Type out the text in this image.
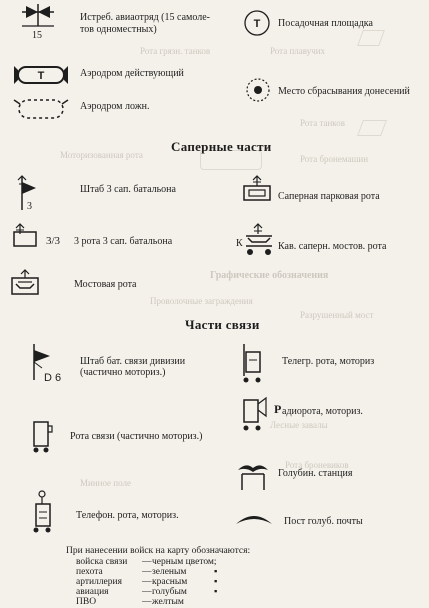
Рота грязн. танков	Рота плавучих
Рота танков
Моторизованная рота	Рота бронемашин
Графические обозначения
Проволочные заграждения
Разрушенный мост
Лесные завалы
Минное поле
Рота броневиков
15
Истреб. авиаотряд (15 самоле-
тов одноместных)
Т	Аэродром действующий
Аэродром ложн.
Т Посадочная площадка
Место сбрасывания донесений
Саперные части
3
Штаб 3 сап. батальона
3/3 3 рота 3 сап. батальона
Мостовая рота
Саперная парковая рота
К	Кав. саперн. мостов. рота
Части связи
D 6
Штаб бат. связи дивизии
(частично моториз.)
Рота связи (частично моториз.)
Телефон. рота, моториз.
Телегр. рота, моториз
Р адиорота, моториз.
Голубин. станция
Пост голуб. почты
При нанесении войск на карту обозначаются:
войска связи — черным цветом;
пехота	— зеленым
артиллерия — красным
авиация	— голубым
ПВО	— желтым
▪
▪
▪
